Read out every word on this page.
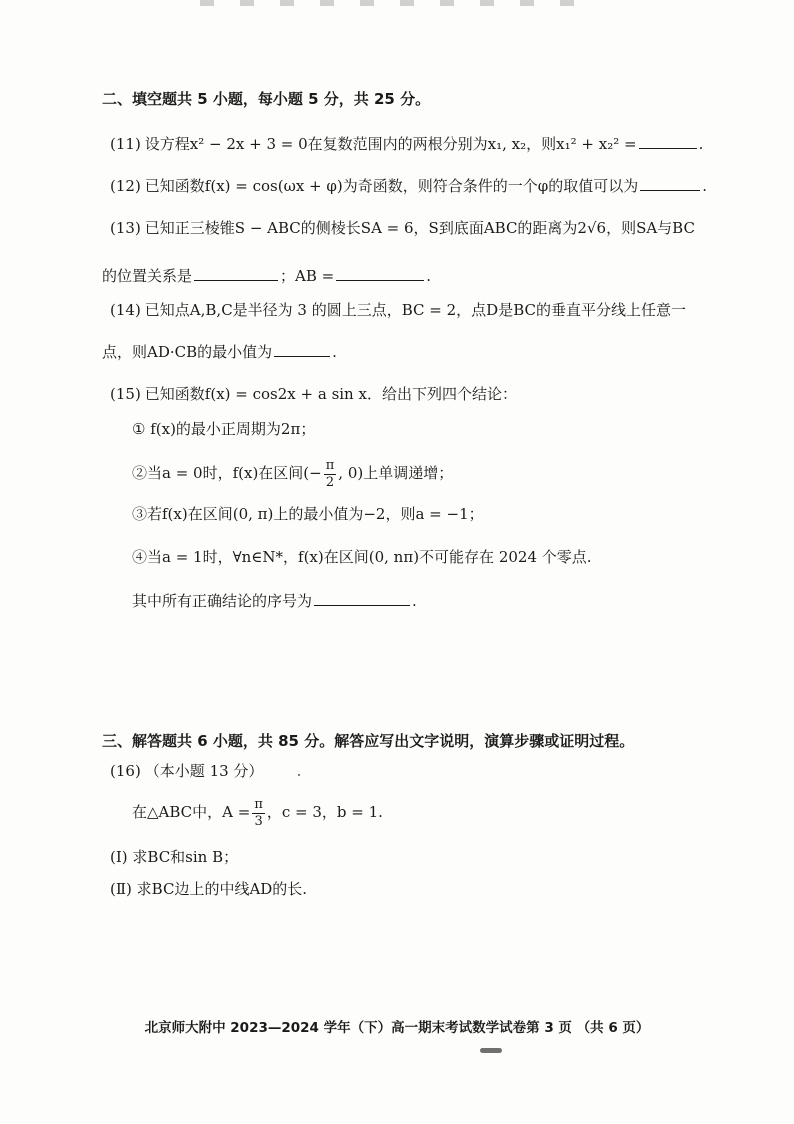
二、填空题共 5 小题，每小题 5 分，共 25 分。
(11) 设方程x² − 2x + 3 = 0在复数范围内的两根分别为x₁, x₂，则x₁² + x₂² =	.
(12) 已知函数f(x) = cos(ωx + φ)为奇函数，则符合条件的一个φ的取值可以为	.
(13) 已知正三棱锥S − ABC的侧棱长SA = 6，S到底面ABC的距离为2√6，则SA与BC
的位置关系是	；AB =	.
(14) 已知点A,B,C是半径为 3 的圆上三点，BC = 2，点D是BC的垂直平分线上任意一
点，则AD·CB的最小值为	.
(15) 已知函数f(x) = cos2x + a sin x．给出下列四个结论：
① f(x)的最小正周期为2π；
②当a = 0时，f(x)在区间(− $\frac{\pi}{2}$ , 0)上单调递增；
③若f(x)在区间(0, π)上的最小值为−2，则a = −1；
④当a = 1时，∀n∈N*，f(x)在区间(0, nπ)不可能存在 2024 个零点.
其中所有正确结论的序号为	.
三、解答题共 6 小题，共 85 分。解答应写出文字说明，演算步骤或证明过程。
(16) （本小题 13 分）
在△ABC中，$A = \frac{\pi}{3}$ ，c = 3，b = 1.
(Ⅰ) 求BC和sin B；
(Ⅱ) 求BC边上的中线AD的长.
北京师大附中 2023—2024 学年（下）高一期末考试数学试卷第 3 页 （共 6 页）
